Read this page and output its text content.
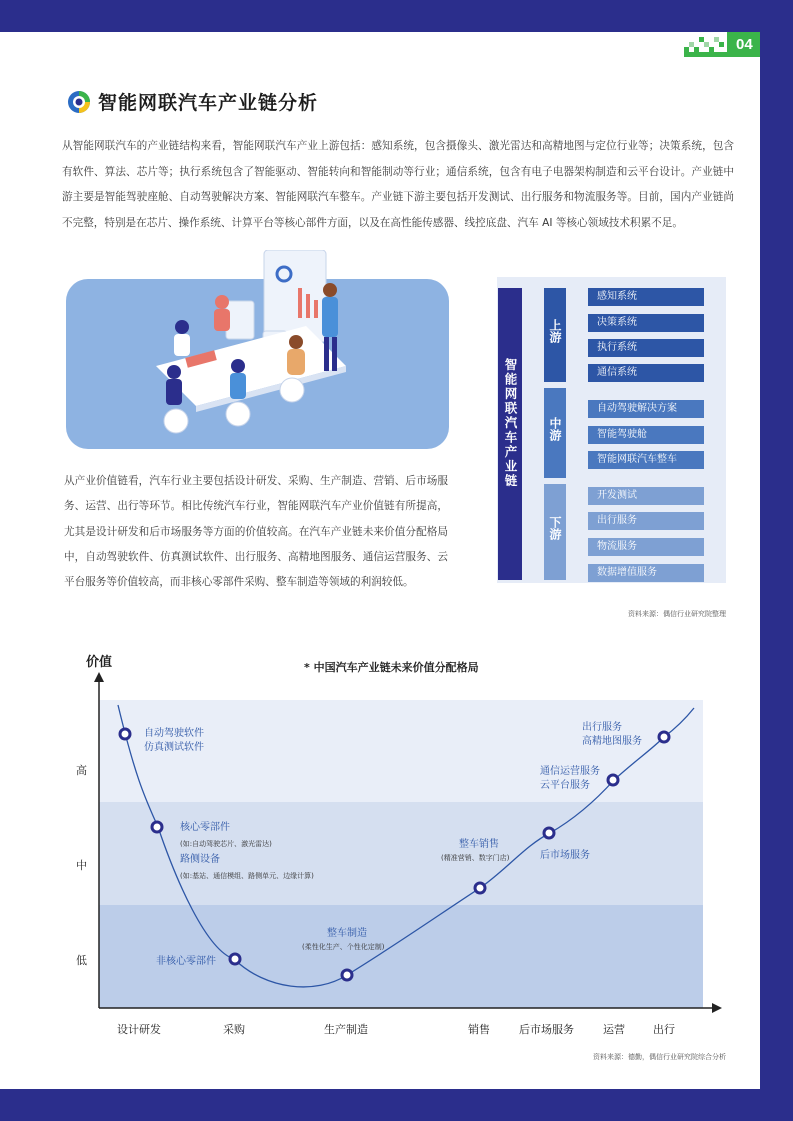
04
智能网联汽车产业链分析

从智能网联汽车的产业链结构来看，智能网联汽车产业上游包括：感知系统，包含摄像头、激光雷达和高精地图与定位行业等；决策系统，包含有软件、算法、芯片等；执行系统包含了智能驱动、智能转向和智能制动等行业；通信系统，包含有电子电器架构制造和云平台设计。产业链中游主要是智能驾驶座舱、自动驾驶解决方案、智能网联汽车整车。产业链下游主要包括开发测试、出行服务和物流服务等。目前，国内产业链尚不完整，特别是在芯片、操作系统、计算平台等核心部件方面，以及在高性能传感器、线控底盘、汽车 AI 等核心领域技术积累不足。

从产业价值链看，汽车行业主要包括设计研发、采购、生产制造、营销、后市场服务、运营、出行等环节。相比传统汽车行业，智能网联汽车产业价值链有所提高，尤其是设计研发和后市场服务等方面的价值较高。在汽车产业链未来价值分配格局中，自动驾驶软件、仿真测试软件、出行服务、高精地图服务、通信运营服务、云平台服务等价值较高，而非核心零部件采购、整车制造等领域的利润较低。

智能网联汽车产业链
上游
中游
下游
感知系统
决策系统
执行系统
通信系统
自动驾驶解决方案
智能驾驶舱
智能网联汽车整车
开发测试
出行服务
物流服务
数据增值服务
资料来源：偶信行业研究院整理
价值	* 中国汽车产业链未来价值分配格局
高
中
低
设计研发	采购	生产制造	销售	后市场服务	运营	出行
自动驾驶软件
仿真测试软件
核心零部件
(如:自动驾驶芯片、激光雷达)
路侧设备
(如:基站、通信模组、路侧单元、边缘计算)
非核心零部件
整车制造
(柔性化生产、个性化定制)
整车销售
(精准营销、数字门店)	后市场服务
通信运营服务
云平台服务
出行服务
高精地图服务
资料来源：德勤，偶信行业研究院综合分析
